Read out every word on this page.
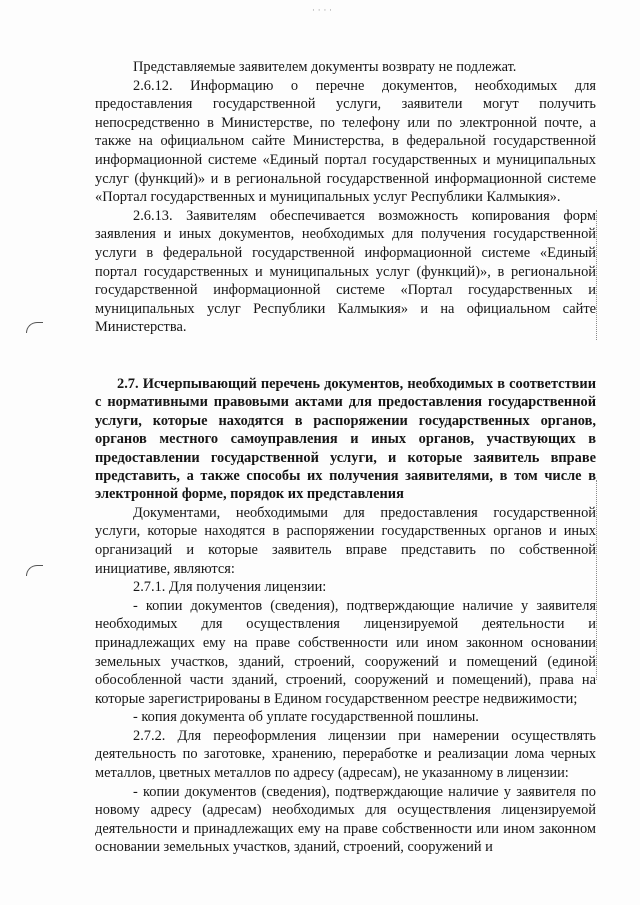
· · · ·

Представляемые заявителем документы возврату не подлежат.

2.6.12. Информацию о перечне документов, необходимых для предоставления государственной услуги, заявители могут получить непосредственно в Министерстве, по телефону или по электронной почте, а также на официальном сайте Министерства, в федеральной государственной информационной системе «Единый портал государственных и муниципальных услуг (функций)» и в региональной государственной информационной системе «Портал государственных и муниципальных услуг Республики Калмыкия».

2.6.13. Заявителям обеспечивается возможность копирования форм заявления и иных документов, необходимых для получения государственной услуги в федеральной государственной информационной системе «Единый портал государственных и муниципальных услуг (функций)», в региональной государственной информационной системе «Портал государственных и муниципальных услуг Республики Калмыкия» и на официальном сайте Министерства.

2.7. Исчерпывающий перечень документов, необходимых в соответствии с нормативными правовыми актами для предоставления государственной услуги, которые находятся в распоряжении государственных органов, органов местного самоуправления и иных органов, участвующих в предоставлении государственной услуги, и которые заявитель вправе представить, а также способы их получения заявителями, в том числе в электронной форме, порядок их представления

Документами, необходимыми для предоставления государственной услуги, которые находятся в распоряжении государственных органов и иных организаций и которые заявитель вправе представить по собственной инициативе, являются:

2.7.1. Для получения лицензии:

- копии документов (сведения), подтверждающие наличие у заявителя необходимых для осуществления лицензируемой деятельности и принадлежащих ему на праве собственности или ином законном основании земельных участков, зданий, строений, сооружений и помещений (единой обособленной части зданий, строений, сооружений и помещений), права на которые зарегистрированы в Едином государственном реестре недвижимости;

- копия документа об уплате государственной пошлины.

2.7.2. Для переоформления лицензии при намерении осуществлять деятельность по заготовке, хранению, переработке и реализации лома черных металлов, цветных металлов по адресу (адресам), не указанному в лицензии:

- копии документов (сведения), подтверждающие наличие у заявителя по новому адресу (адресам) необходимых для осуществления лицензируемой деятельности и принадлежащих ему на праве собственности или ином законном основании земельных участков, зданий, строений, сооружений и
